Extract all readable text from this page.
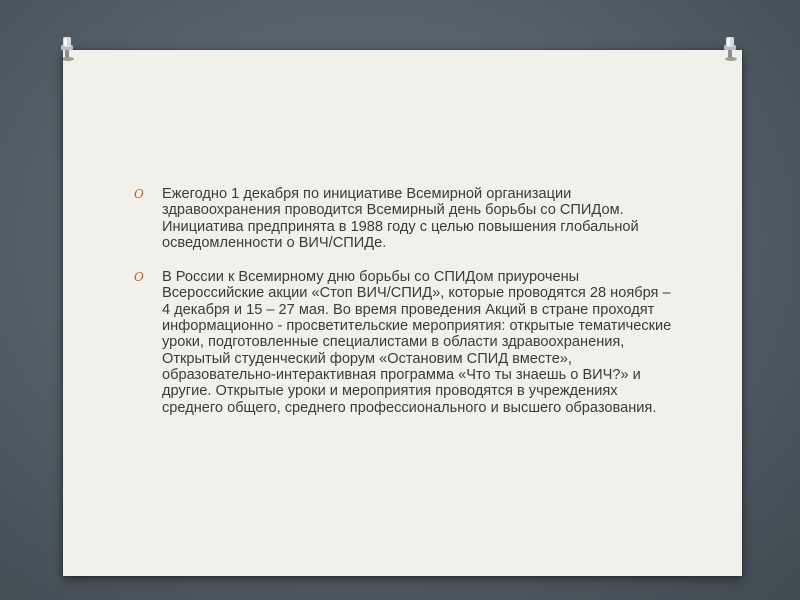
O Ежегодно 1 декабря по инициативе Всемирной организации здравоохранения проводится Всемирный день борьбы со СПИДом. Инициатива предпринята в 1988 году с целью повышения глобальной осведомленности о ВИЧ/СПИДе.
O В России к Всемирному дню борьбы со СПИДом приурочены Всероссийские акции «Стоп ВИЧ/СПИД», которые проводятся 28 ноября – 4 декабря и 15 – 27 мая. Во время проведения Акций в стране проходят информационно - просветительские мероприятия: открытые тематические уроки, подготовленные специалистами в области здравоохранения, Открытый студенческий форум «Остановим СПИД вместе», образовательно-интерактивная программа «Что ты знаешь о ВИЧ?» и другие. Открытые уроки и мероприятия проводятся в учреждениях среднего общего, среднего профессионального и высшего образования.
